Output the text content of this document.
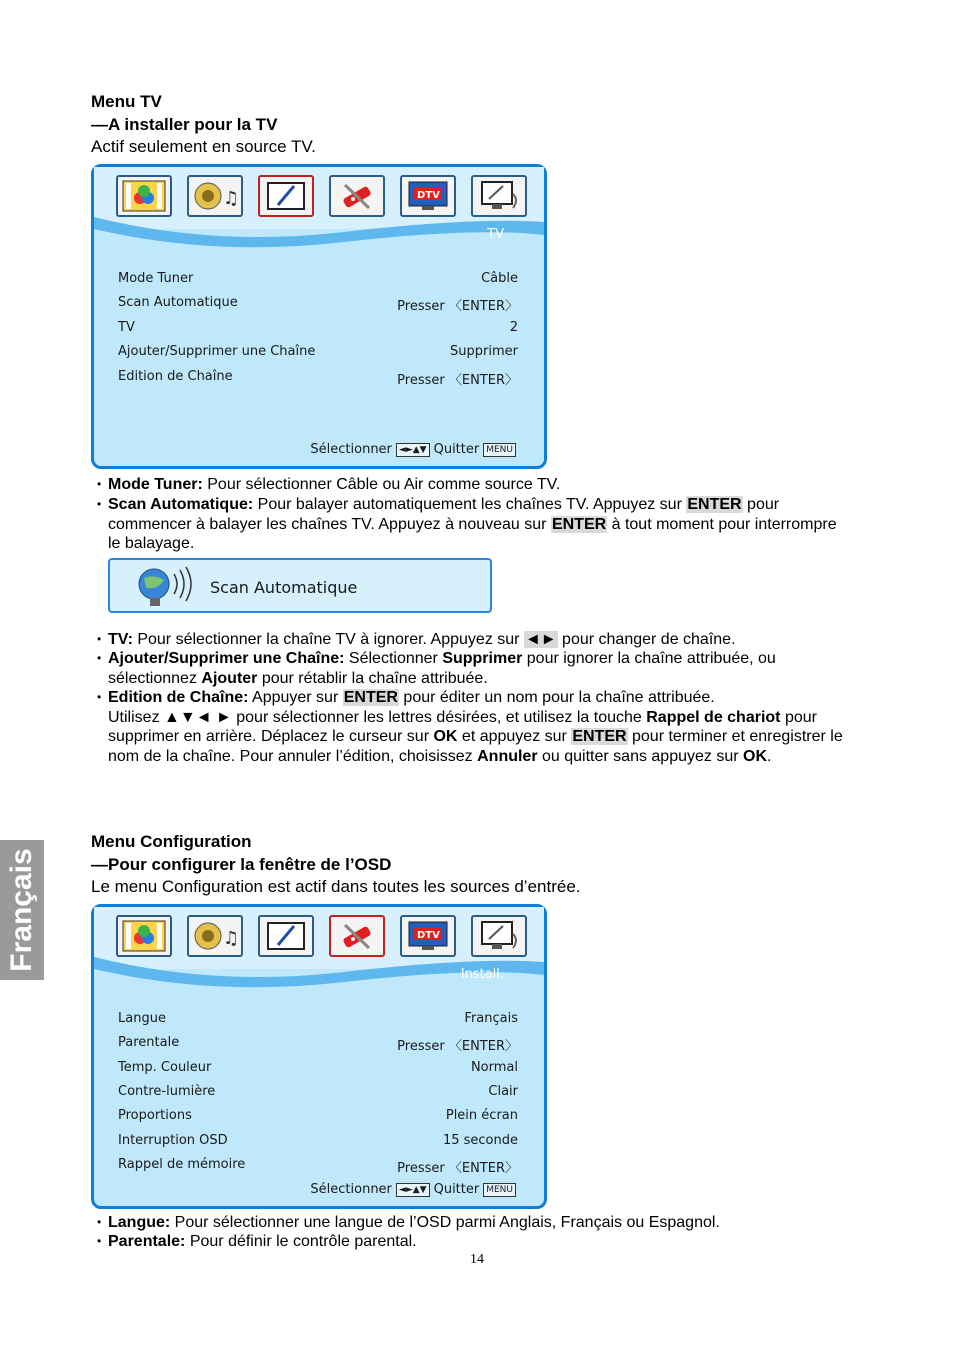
Français
Menu TV
—A installer pour la TV
Actif seulement en source TV.
♫	DTV
TV
Mode Tuner	Câble
Scan Automatique	Presser 〈ENTER〉
TV	2
Ajouter/Supprimer une Chaîne	Supprimer
Edition de Chaîne	Presser 〈ENTER〉
Sélectionner ◄►▲▼ Quitter MENU
• Mode Tuner: Pour sélectionner Câble ou Air comme source TV.
• Scan Automatique: Pour balayer automatiquement les chaînes TV. Appuyez sur ENTER pour commencer à balayer les chaînes TV. Appuyez à nouveau sur ENTER à tout moment pour interrompre le balayage.
Scan Automatique
• TV: Pour sélectionner la chaîne TV à ignorer. Appuyez sur ◄► pour changer de chaîne.
• Ajouter/Supprimer une Chaîne: Sélectionner Supprimer pour ignorer la chaîne attribuée, ou sélectionnez Ajouter pour rétablir la chaîne attribuée.
• Edition de Chaîne: Appuyer sur ENTER pour éditer un nom pour la chaîne attribuée.
Utilisez ▲▼◄ ► pour sélectionner les lettres désirées, et utilisez la touche Rappel de chariot pour supprimer en arrière. Déplacez le curseur sur OK et appuyez sur ENTER pour terminer et enregistrer le nom de la chaîne. Pour annuler l’édition, choisissez Annuler ou quitter sans appuyez sur OK.
Menu Configuration
—Pour configurer la fenêtre de l’OSD
Le menu Configuration est actif dans toutes les sources d’entrée.
♫	DTV
Install.
Langue	Français
Parentale	Presser 〈ENTER〉
Temp. Couleur	Normal
Contre-lumière	Clair
Proportions	Plein écran
Interruption OSD	15 seconde
Rappel de mémoire	Presser 〈ENTER〉
Sélectionner ◄►▲▼ Quitter MENU
• Langue: Pour sélectionner une langue de l’OSD parmi Anglais, Français ou Espagnol.
• Parentale: Pour définir le contrôle parental.
14
